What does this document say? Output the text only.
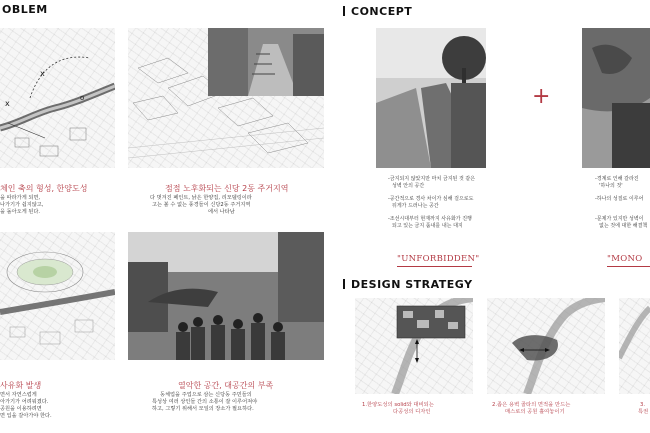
OBLEM
x
x
o
체인 축의 형성, 한양도성
을 따라가게 되면,
나가기가 쉽지않고,
을 돌아오게 된다.
점점 노후화되는 신당 2동 주거지역
다 벗겨진 페인트, 낡은 한양집, 리모델링이라
고는 볼 수 없는 풍경들이 신당2동 주거지역
에서 나타남
사유화 발생
면서 자연스럽게
아가기가 어려워졌다.
공원을 이용하려면
면 입을 갈아가야 한다.
열악한 공간, 대공간의 부족
동체업을 주업으로 삼는 신당동 주민들의
특성상 여러 상인들 간의 소통이 잘 이루어져야
하고, 그렇기 위해서 모일의 장소가 필요하다.
CONCEPT
+
-금지되지 않았지만 마치 금지된 것 같은
성벽 안의 공간
-공간적으로 경사 차이가 심해 걸으로도
뒤게가 드러나는 공간
-조선시대부터 현재까지 사유화가 진행
되고 있는 금지 품내를 내는 대지
-경계로 인해 갈라진
'하나의 것'
-하나의 성질로 이루어
-문제가 있지만 성벽이
없는 것에 대한 해결책
"UNFORBIDDEN"	"MONO
DESIGN STRATEGY
1.한양도성의 solid와 대비되는
다공성의 디자인
2.좁은 용벽 골타의 면적을 만드는
매스로의 공원 흘여놓이기
3.
특권
